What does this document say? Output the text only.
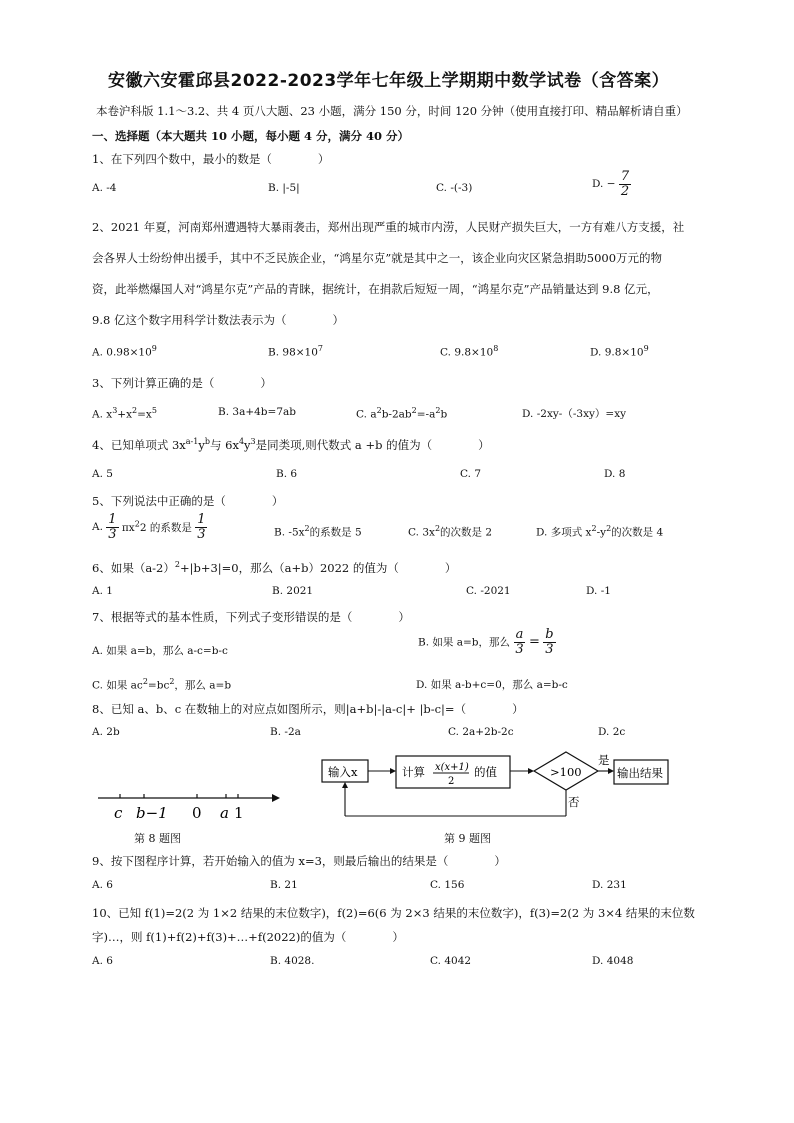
安徽六安霍邱县2022-2023学年七年级上学期期中数学试卷（含答案）
本卷沪科版 1.1～3.2、共 4 页八大题、23 小题，满分 150 分，时间 120 分钟（使用直接打印、精品解析请自重）
一、选择题（本大题共 10 小题，每小题 4 分，满分 40 分）
1、在下列四个数中，最小的数是（　　　　）
A. -4	B. |-5|	C. -(-3)	D. − $\frac{7}{2}$
2、2021 年夏，河南郑州遭遇特大暴雨袭击，郑州出现严重的城市内涝，人民财产损失巨大，一方有难八方支援，社
会各界人士纷纷伸出援手，其中不乏民族企业，“鸿星尔克”就是其中之一，该企业向灾区紧急捐助5000万元的物
资，此举燃爆国人对“鸿星尔克”产品的青睐，据统计，在捐款后短短一周，“鸿星尔克”产品销量达到 9.8 亿元，
9.8 亿这个数字用科学计数法表示为（　　　　）
A. $0.98\times 10^9$	B. $98\times 10^7$	C. $9.8\times 10^8$	D. $9.8\times 10^9$
3、下列计算正确的是（　　　　）
A. $x^3+x^2=x^5$	B. 3a+4b=7ab	C. $a^2b-2ab^2=-a^2b$	D. -2xy-（-3xy）=xy
4、已知单项式 $3x^{a-1}y^b$与 $6x^4y^3$是同类项,则代数式 a +b 的值为（　　　　）
A. 5	B. 6	C. 7	D. 8
5、下列说法中正确的是（　　　　）
A. $\frac{1}{3} \pi x^22$ 的系数是 $\frac{1}{3}$	B. $-5x^2$的系数是 5	C. $3x^2$的次数是 2	D. 多项式 $x^2-y^2$的次数是 4
6、如果$(a-2)^2+|b+3|=0$，那么（a+b）2022 的值为（　　　　）
A. 1	B. 2021	C. -2021	D. -1
7、根据等式的基本性质，下列式子变形错误的是（　　　　）
A. 如果 a=b，那么 a-c=b-c
B. 如果 a=b，那么 $\frac{a}{3} = \frac{b}{3}$
C. 如果 $ac^2=bc^2$，那么 a=b	D. 如果 a-b+c=0，那么 a=b-c
8、已知 a、b、c 在数轴上的对应点如图所示，则|a+b|-|a-c|+ |b-c|=（　　　　）
A. 2b	B. -2a	C. 2a+2b-2c	D. 2c
c b−1 0 a 1
第 8 题图
输入x	计算 x(x+1)
2
的值	>100
是
输出结果
否
第 9 题图
9、按下图程序计算，若开始输入的值为 x=3，则最后输出的结果是（　　　　）
A. 6	B. 21	C. 156	D. 231
10、已知 f(1)=2(2 为 1×2 结果的末位数字)，f(2)=6(6 为 2×3 结果的末位数字)，f(3)=2(2 为 3×4 结果的末位数
字)…，则 f(1)+f(2)+f(3)+…+f(2022)的值为（　　　　）
A. 6	B. 4028.	C. 4042	D. 4048
